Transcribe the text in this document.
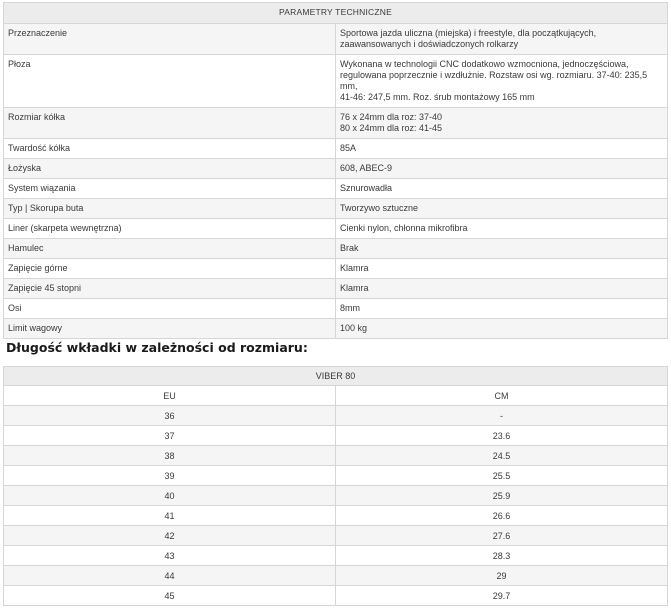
PARAMETRY TECHNICZNE	
Przeznaczenie	Sportowa jazda uliczna (miejska) i freestyle, dla początkujących,
zaawansowanych i doświadczonych rolkarzy

Płoza	Wykonana w technologii CNC dodatkowo wzmocniona, jednoczęściowa,
regulowana poprzecznie i wzdłużnie. Rozstaw osi wg. rozmiaru. 37-40: 235,5 mm,
41-46: 247,5 mm. Roz. śrub montażowy 165 mm

Rozmiar kółka	76 x 24mm dla roz: 37-40
80 x 24mm dla roz: 41-45

Twardość kółka	85A

Łożyska	608, ABEC-9

System wiązania	Sznurowadła

Typ | Skorupa buta	Tworzywo sztuczne

Liner (skarpeta wewnętrzna)	Cienki nylon, chłonna mikrofibra

Hamulec	Brak

Zapięcie górne	Klamra

Zapięcie 45 stopni	Klamra

Osi	8mm

Limit wagowy	100 kg
Długość wkładki w zależności od rozmiaru:
VIBER 80	
EU	CM
36	-
37	23.6
38	24.5
39	25.5
40	25.9
41	26.6
42	27.6
43	28.3
44	29
45	29.7
